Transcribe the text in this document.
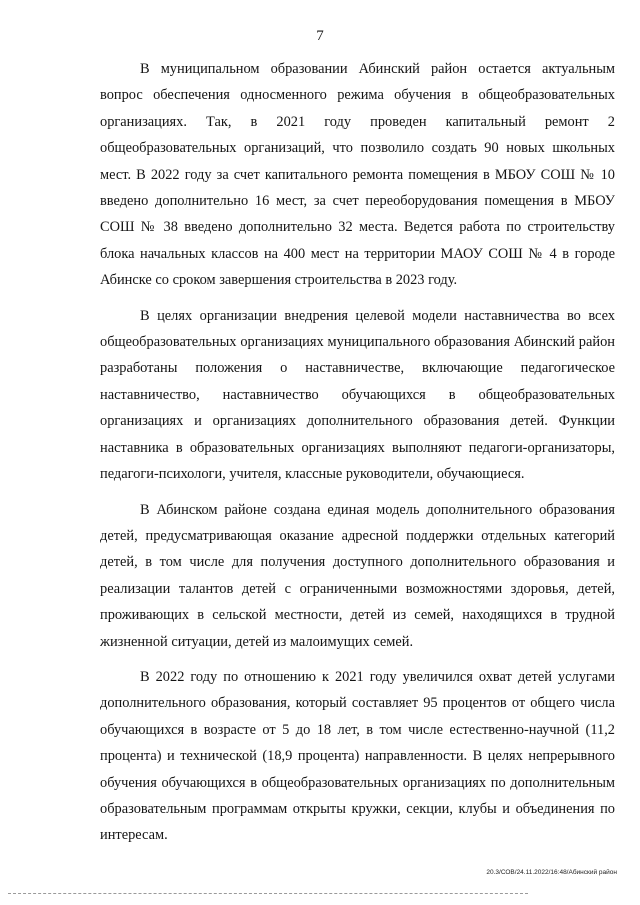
7

В муниципальном образовании Абинский район остается актуальным вопрос обеспечения односменного режима обучения в общеобразовательных организациях. Так, в 2021 году проведен капитальный ремонт 2 общеобразовательных организаций, что позволило создать 90 новых школьных мест. В 2022 году за счет капитального ремонта помещения в МБОУ СОШ № 10 введено дополнительно 16 мест, за счет переоборудования помещения в МБОУ СОШ № 38 введено дополнительно 32 места. Ведется работа по строительству блока начальных классов на 400 мест на территории МАОУ СОШ № 4 в городе Абинске со сроком завершения строительства в 2023 году.

В целях организации внедрения целевой модели наставничества во всех общеобразовательных организациях муниципального образования Абинский район разработаны положения о наставничестве, включающие педагогическое наставничество, наставничество обучающихся в общеобразовательных организациях и организациях дополнительного образования детей. Функции наставника в образовательных организациях выполняют педагоги-организаторы, педагоги-психологи, учителя, классные руководители, обучающиеся.

В Абинском районе создана единая модель дополнительного образования детей, предусматривающая оказание адресной поддержки отдельных категорий детей, в том числе для получения доступного дополнительного образования и реализации талантов детей с ограниченными возможностями здоровья, детей, проживающих в сельской местности, детей из семей, находящихся в трудной жизненной ситуации, детей из малоимущих семей.

В 2022 году по отношению к 2021 году увеличился охват детей услугами дополнительного образования, который составляет 95 процентов от общего числа обучающихся в возрасте от 5 до 18 лет, в том числе естественно-научной (11,2 процента) и технической (18,9 процента) направленности. В целях непрерывного обучения обучающихся в общеобразовательных организациях по дополнительным образовательным программам открыты кружки, секции, клубы и объединения по интересам.

20.3/СОВ/24.11.2022/16:48/Абинский район
